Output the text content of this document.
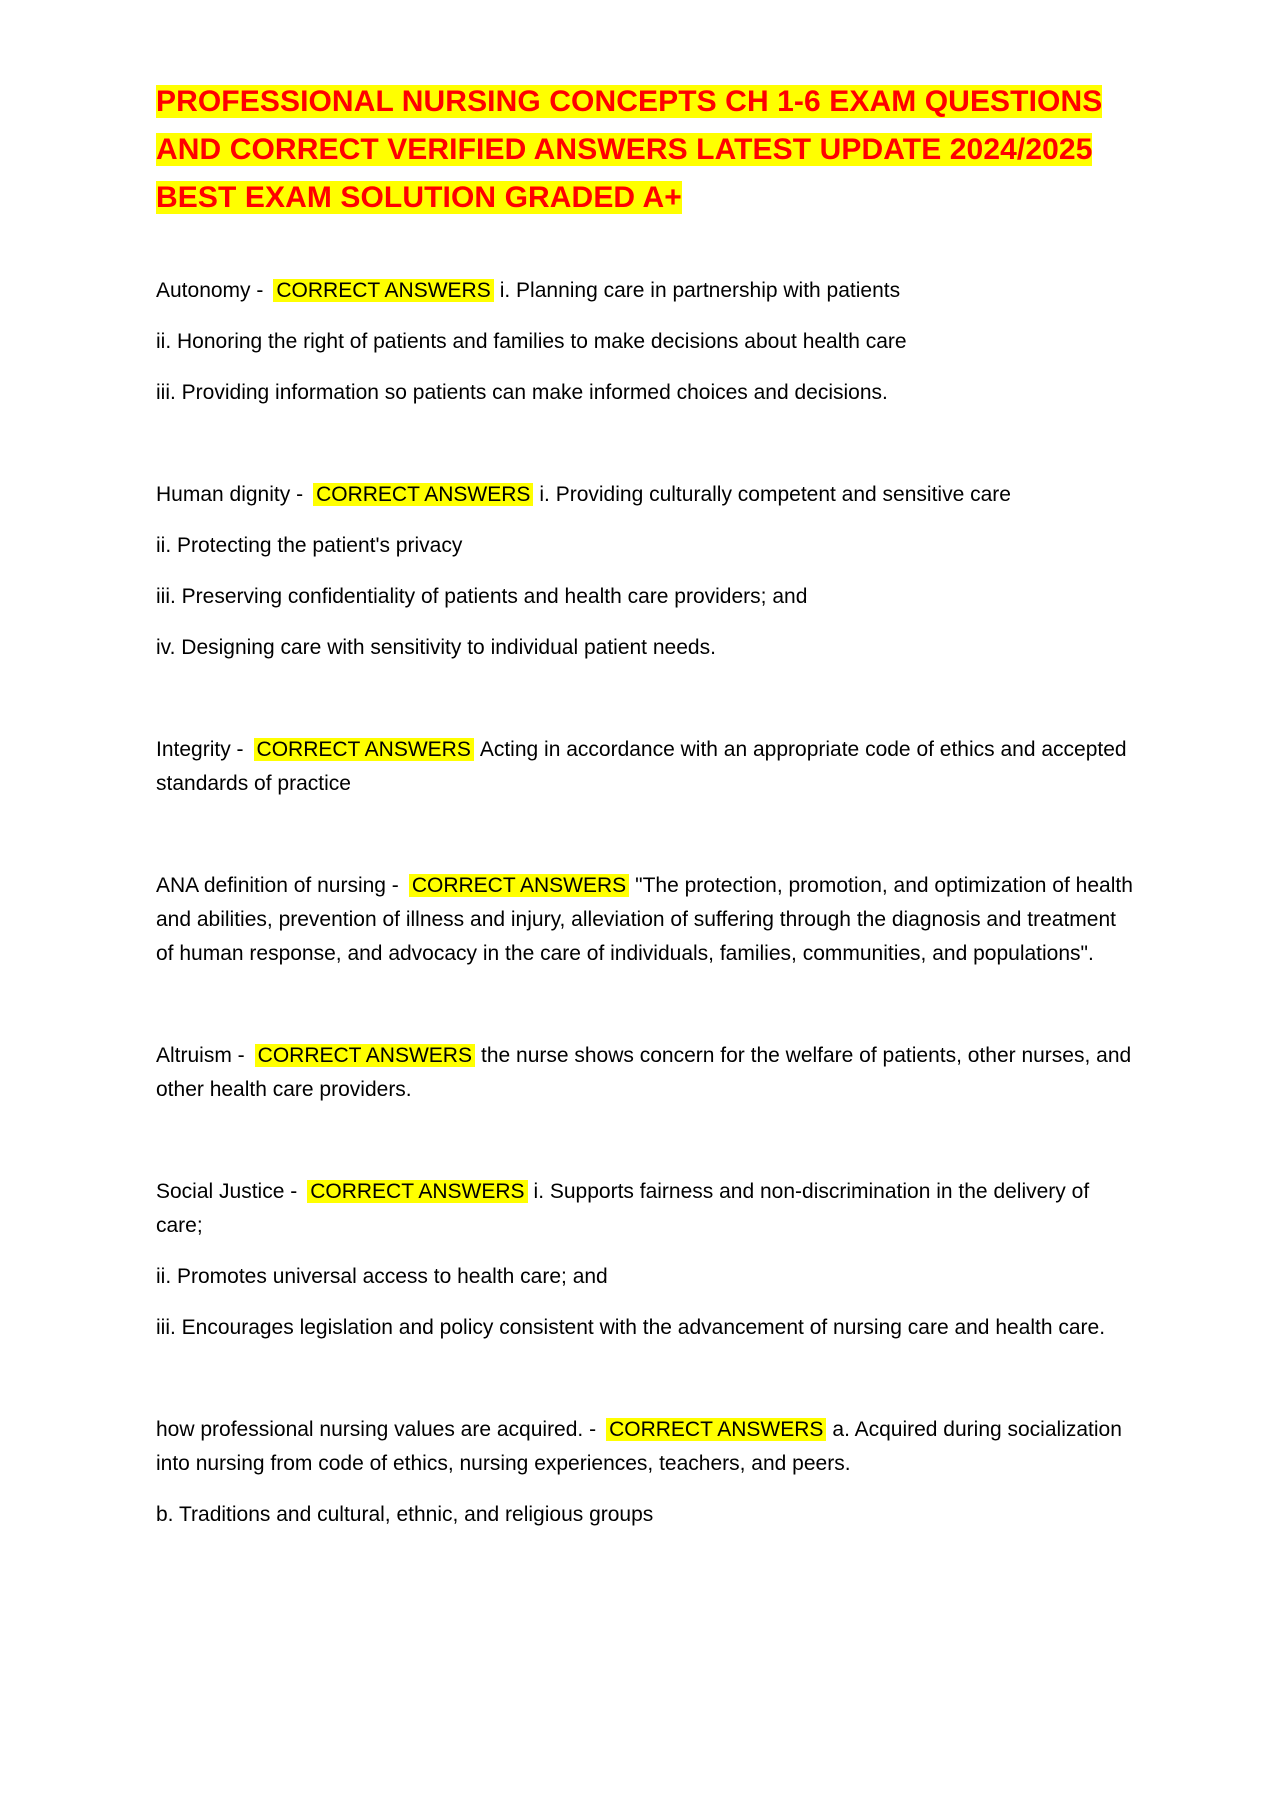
PROFESSIONAL NURSING CONCEPTS CH 1-6 EXAM QUESTIONS AND CORRECT VERIFIED ANSWERS LATEST UPDATE 2024/2025 BEST EXAM SOLUTION GRADED A+

Autonomy - CORRECT ANSWERS i. Planning care in partnership with patients

ii. Honoring the right of patients and families to make decisions about health care

iii. Providing information so patients can make informed choices and decisions.

Human dignity - CORRECT ANSWERS i. Providing culturally competent and sensitive care

ii. Protecting the patient's privacy

iii. Preserving confidentiality of patients and health care providers; and

iv. Designing care with sensitivity to individual patient needs.

Integrity - CORRECT ANSWERS Acting in accordance with an appropriate code of ethics and accepted standards of practice

ANA definition of nursing - CORRECT ANSWERS "The protection, promotion, and optimization of health and abilities, prevention of illness and injury, alleviation of suffering through the diagnosis and treatment of human response, and advocacy in the care of individuals, families, communities, and populations".

Altruism - CORRECT ANSWERS the nurse shows concern for the welfare of patients, other nurses, and other health care providers.

Social Justice - CORRECT ANSWERS i. Supports fairness and non-discrimination in the delivery of care;

ii. Promotes universal access to health care; and

iii. Encourages legislation and policy consistent with the advancement of nursing care and health care.

how professional nursing values are acquired. - CORRECT ANSWERS a. Acquired during socialization into nursing from code of ethics, nursing experiences, teachers, and peers.

b. Traditions and cultural, ethnic, and religious groups
